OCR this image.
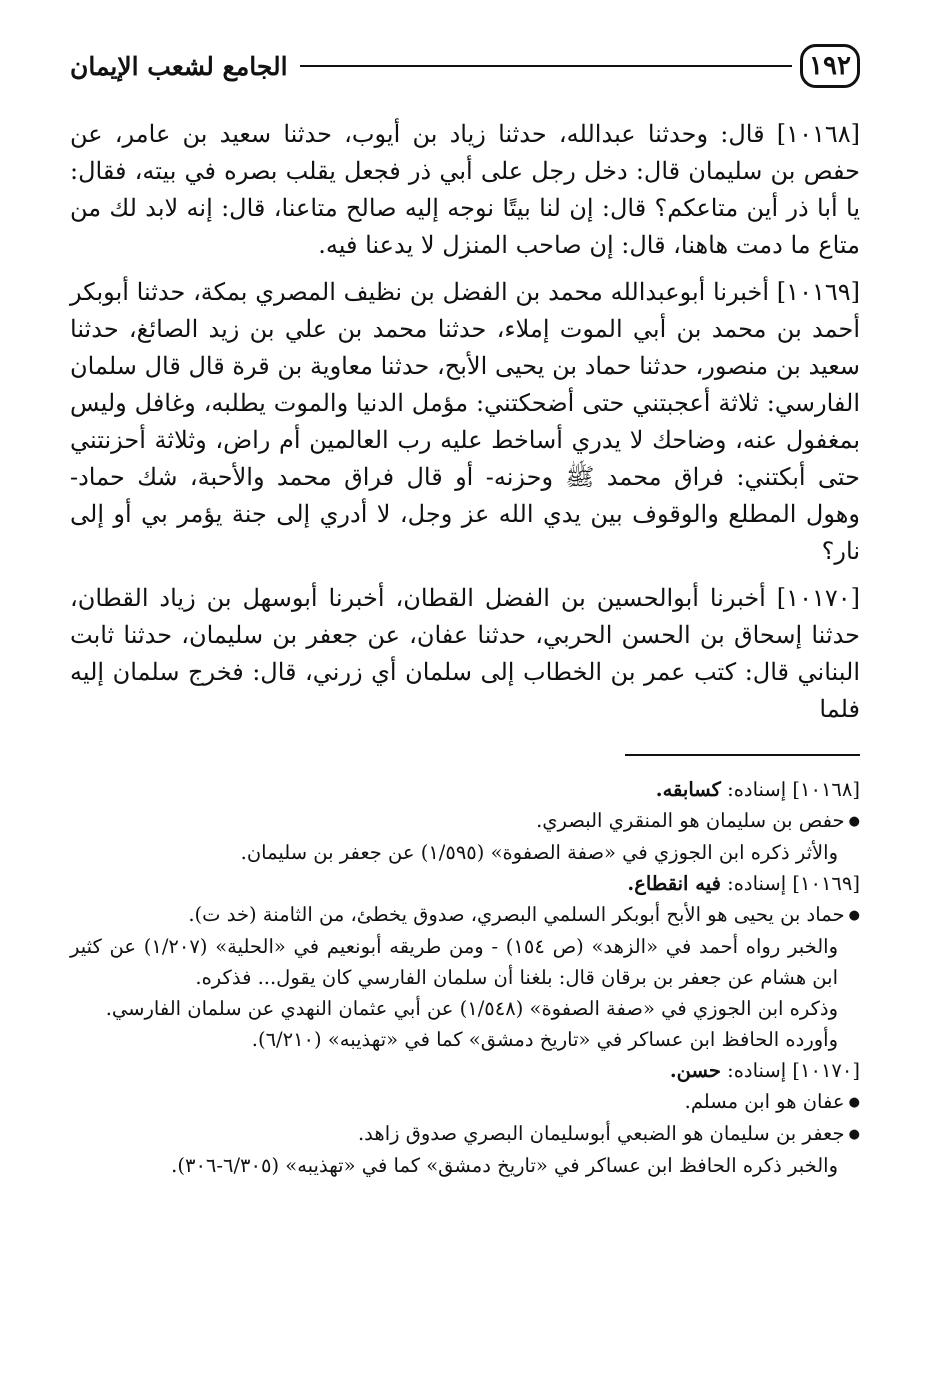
١٩٢
الجامع لشعب الإيمان

[١٠١٦٨] قال: وحدثنا عبدالله، حدثنا زياد بن أيوب، حدثنا سعيد بن عامر، عن حفص بن سليمان قال: دخل رجل على أبي ذر فجعل يقلب بصره في بيته، فقال: يا أبا ذر أين متاعكم؟ قال: إن لنا بيتًا نوجه إليه صالح متاعنا، قال: إنه لابد لك من متاع ما دمت هاهنا، قال: إن صاحب المنزل لا يدعنا فيه.

[١٠١٦٩] أخبرنا أبوعبدالله محمد بن الفضل بن نظيف المصري بمكة، حدثنا أبوبكر أحمد بن محمد بن أبي الموت إملاء، حدثنا محمد بن علي بن زيد الصائغ، حدثنا سعيد بن منصور، حدثنا حماد بن يحيى الأبح، حدثنا معاوية بن قرة قال قال سلمان الفارسي: ثلاثة أعجبتني حتى أضحكتني: مؤمل الدنيا والموت يطلبه، وغافل وليس بمغفول عنه، وضاحك لا يدري أساخط عليه رب العالمين أم راض، وثلاثة أحزنتني حتى أبكتني: فراق محمد ﷺ وحزنه- أو قال فراق محمد والأحبة، شك حماد- وهول المطلع والوقوف بين يدي الله عز وجل، لا أدري إلى جنة يؤمر بي أو إلى نار؟

[١٠١٧٠] أخبرنا أبوالحسين بن الفضل القطان، أخبرنا أبوسهل بن زياد القطان، حدثنا إسحاق بن الحسن الحربي، حدثنا عفان، عن جعفر بن سليمان، حدثنا ثابت البناني قال: كتب عمر بن الخطاب إلى سلمان أي زرني، قال: فخرج سلمان إليه فلما

[١٠١٦٨] إسناده: كسابقه.

● حفص بن سليمان هو المنقري البصري.

والأثر ذكره ابن الجوزي في «صفة الصفوة» (١/٥٩٥) عن جعفر بن سليمان.

[١٠١٦٩] إسناده: فيه انقطاع.

● حماد بن يحيى هو الأبح أبوبكر السلمي البصري، صدوق يخطئ، من الثامنة (خد ت).

والخبر رواه أحمد في «الزهد» (ص ١٥٤) - ومن طريقه أبونعيم في «الحلية» (١/٢٠٧) عن كثير ابن هشام عن جعفر بن برقان قال: بلغنا أن سلمان الفارسي كان يقول... فذكره.

وذكره ابن الجوزي في «صفة الصفوة» (١/٥٤٨) عن أبي عثمان النهدي عن سلمان الفارسي.

وأورده الحافظ ابن عساكر في «تاريخ دمشق» كما في «تهذيبه» (٦/٢١٠).

[١٠١٧٠] إسناده: حسن.

● عفان هو ابن مسلم.

● جعفر بن سليمان هو الضبعي أبوسليمان البصري صدوق زاهد.

والخبر ذكره الحافظ ابن عساكر في «تاريخ دمشق» كما في «تهذيبه» (٦/٣٠٥-٣٠٦).
